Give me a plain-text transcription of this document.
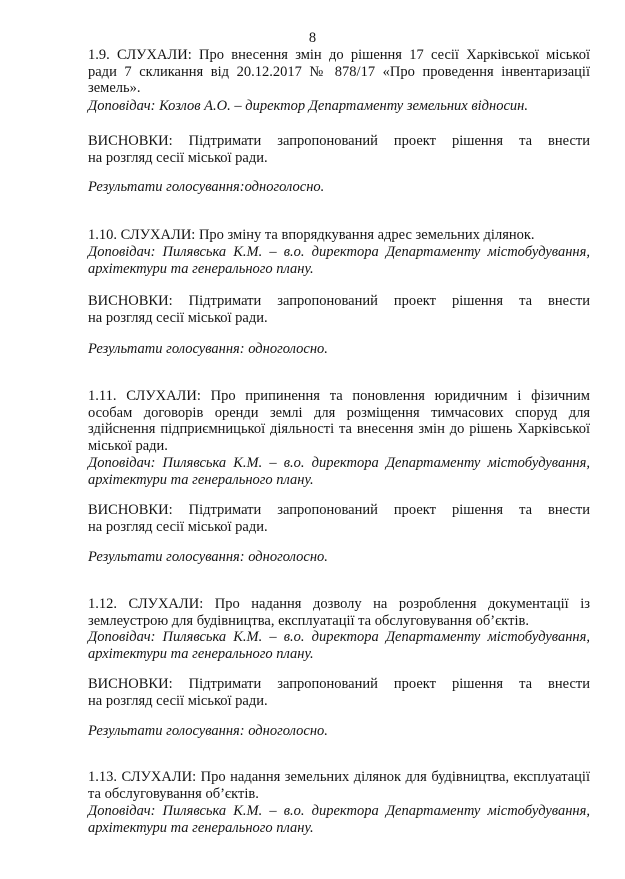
8
1.9. СЛУХАЛИ: Про внесення змін до рішення 17 сесії Харківської міської
ради 7 скликання від 20.12.2017 № 878/17 «Про проведення інвентаризації
земель».
Доповідач: Козлов А.О. – директор Департаменту земельних відносин.
ВИСНОВКИ: Підтримати запропонований проект рішення та внести
на розгляд сесії міської ради.
Результати голосування:одноголосно.
1.10. СЛУХАЛИ: Про зміну та впорядкування адрес земельних ділянок.
Доповідач: Пилявська К.М. – в.о. директора Департаменту містобудування,
архітектури та генерального плану.
ВИСНОВКИ: Підтримати запропонований проект рішення та внести
на розгляд сесії міської ради.
Результати голосування: одноголосно.
1.11. СЛУХАЛИ: Про припинення та поновлення юридичним і фізичним
особам договорів оренди землі для розміщення тимчасових споруд для
здійснення підприємницької діяльності та внесення змін до рішень Харківської
міської ради.
Доповідач: Пилявська К.М. – в.о. директора Департаменту містобудування,
архітектури та генерального плану.
ВИСНОВКИ: Підтримати запропонований проект рішення та внести
на розгляд сесії міської ради.
Результати голосування: одноголосно.
1.12. СЛУХАЛИ: Про надання дозволу на розроблення документації із
землеустрою для будівництва, експлуатації та обслуговування об’єктів.
Доповідач: Пилявська К.М. – в.о. директора Департаменту містобудування,
архітектури та генерального плану.
ВИСНОВКИ: Підтримати запропонований проект рішення та внести
на розгляд сесії міської ради.
Результати голосування: одноголосно.
1.13. СЛУХАЛИ: Про надання земельних ділянок для будівництва, експлуатації
та обслуговування об’єктів.
Доповідач: Пилявська К.М. – в.о. директора Департаменту містобудування,
архітектури та генерального плану.
